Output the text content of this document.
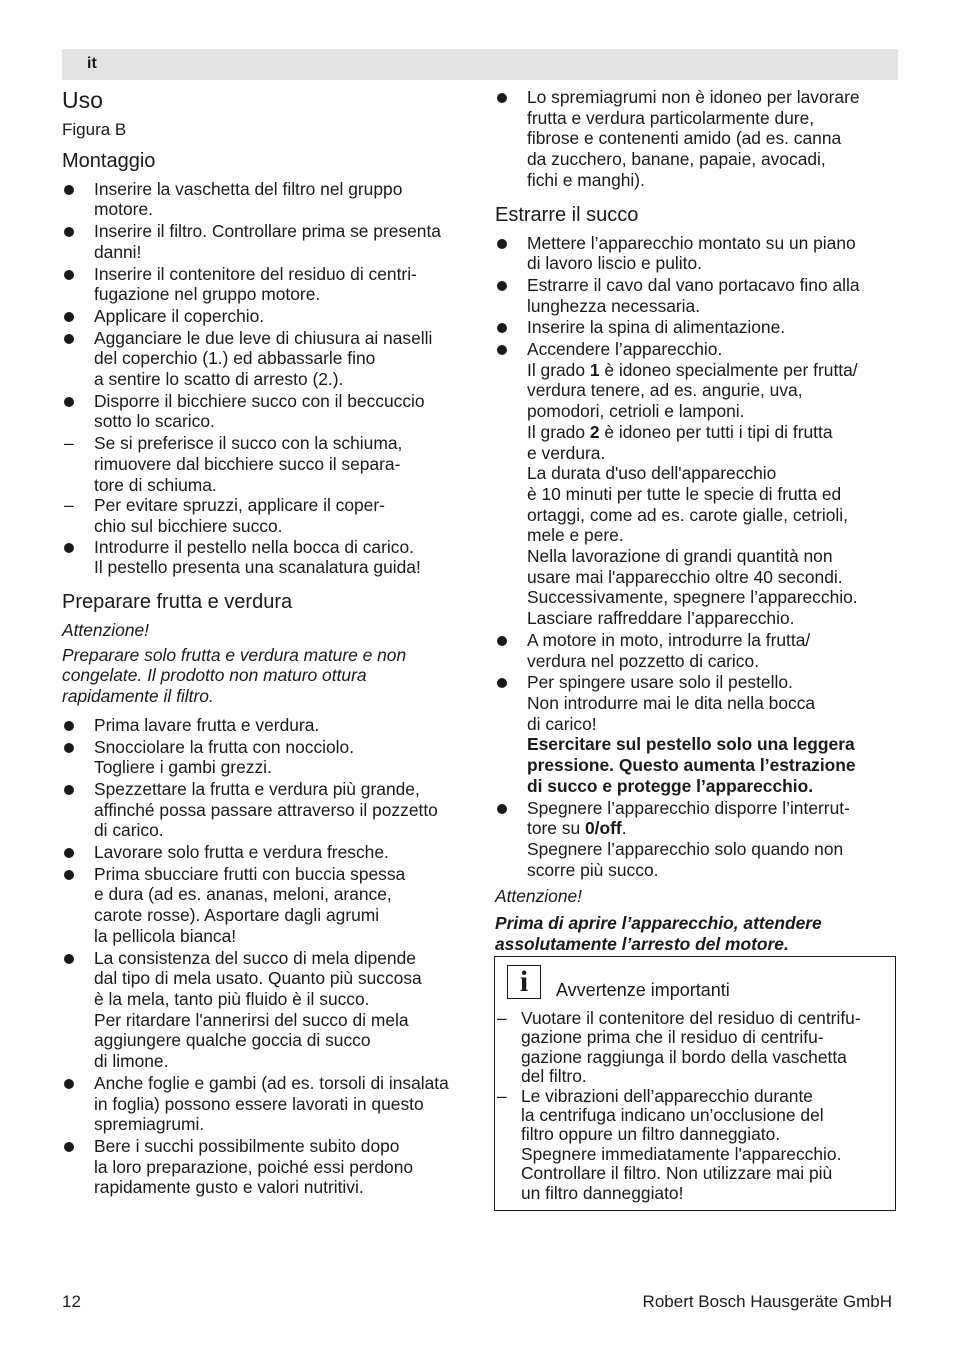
it
Uso
Figura B
Montaggio
Inserire la vaschetta del filtro nel gruppo
motore.
Inserire il filtro. Controllare prima se presenta
danni!
Inserire il contenitore del residuo di centri-
fugazione nel gruppo motore.
Applicare il coperchio.
Agganciare le due leve di chiusura ai naselli
del coperchio (1.) ed abbassarle fino
a sentire lo scatto di arresto (2.).
Disporre il bicchiere succo con il beccuccio
sotto lo scarico.
– Se si preferisce il succo con la schiuma,
rimuovere dal bicchiere succo il separa-
tore di schiuma.
– Per evitare spruzzi, applicare il coper-
chio sul bicchiere succo.
Introdurre il pestello nella bocca di carico.
Il pestello presenta una scanalatura guida!
Preparare frutta e verdura

Attenzione!

Preparare solo frutta e verdura mature e non
congelate. Il prodotto non maturo ottura
rapidamente il filtro.

Prima lavare frutta e verdura.
Snocciolare la frutta con nocciolo.
Togliere i gambi grezzi.
Spezzettare la frutta e verdura più grande,
affinché possa passare attraverso il pozzetto
di carico.
Lavorare solo frutta e verdura fresche.
Prima sbucciare frutti con buccia spessa
e dura (ad es. ananas, meloni, arance,
carote rosse). Asportare dagli agrumi
la pellicola bianca!
La consistenza del succo di mela dipende
dal tipo di mela usato. Quanto più succosa
è la mela, tanto più fluido è il succo.
Per ritardare l'annerirsi del succo di mela
aggiungere qualche goccia di succo
di limone.
Anche foglie e gambi (ad es. torsoli di insalata
in foglia) possono essere lavorati in questo
spremiagrumi.
Bere i succhi possibilmente subito dopo
la loro preparazione, poiché essi perdono
rapidamente gusto e valori nutritivi.
Lo spremiagrumi non è idoneo per lavorare
frutta e verdura particolarmente dure,
fibrose e contenenti amido (ad es. canna
da zucchero, banane, papaie, avocadi,
fichi e manghi).
Estrarre il succo
Mettere l’apparecchio montato su un piano
di lavoro liscio e pulito.
Estrarre il cavo dal vano portacavo fino alla
lunghezza necessaria.
Inserire la spina di alimentazione.
Accendere l’apparecchio.
Il grado 1 è idoneo specialmente per frutta/
verdura tenere, ad es. angurie, uva,
pomodori, cetrioli e lamponi.
Il grado 2 è idoneo per tutti i tipi di frutta
e verdura.
La durata d'uso dell'apparecchio
è 10 minuti per tutte le specie di frutta ed
ortaggi, come ad es. carote gialle, cetrioli,
mele e pere.
Nella lavorazione di grandi quantità non
usare mai l'apparecchio oltre 40 secondi.
Successivamente, spegnere l’apparecchio.
Lasciare raffreddare l’apparecchio.
A motore in moto, introdurre la frutta/
verdura nel pozzetto di carico.
Per spingere usare solo il pestello.
Non introdurre mai le dita nella bocca
di carico!
Esercitare sul pestello solo una leggera
pressione. Questo aumenta l’estrazione
di succo e protegge l’apparecchio.
Spegnere l’apparecchio disporre l’interrut-
tore su 0/off.
Spegnere l’apparecchio solo quando non
scorre più succo.

Attenzione!

Prima di aprire l’apparecchio, attendere
assolutamente l’arresto del motore.

i	Avvertenze importanti
– Vuotare il contenitore del residuo di centrifu-
gazione prima che il residuo di centrifu-
gazione raggiunga il bordo della vaschetta
del filtro.
– Le vibrazioni dell’apparecchio durante
la centrifuga indicano un’occlusione del
filtro oppure un filtro danneggiato.
Spegnere immediatamente l'apparecchio.
Controllare il filtro. Non utilizzare mai più
un filtro danneggiato!
12	Robert Bosch Hausgeräte GmbH
